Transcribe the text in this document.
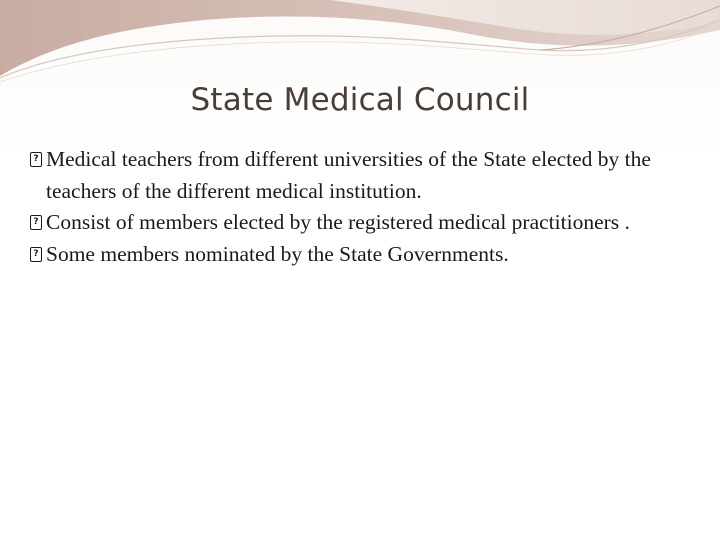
State Medical Council
? Medical teachers from different universities of the State elected by the teachers of the different medical institution.
? Consist of members elected by the registered medical practitioners .
? Some members nominated by the State Governments.
